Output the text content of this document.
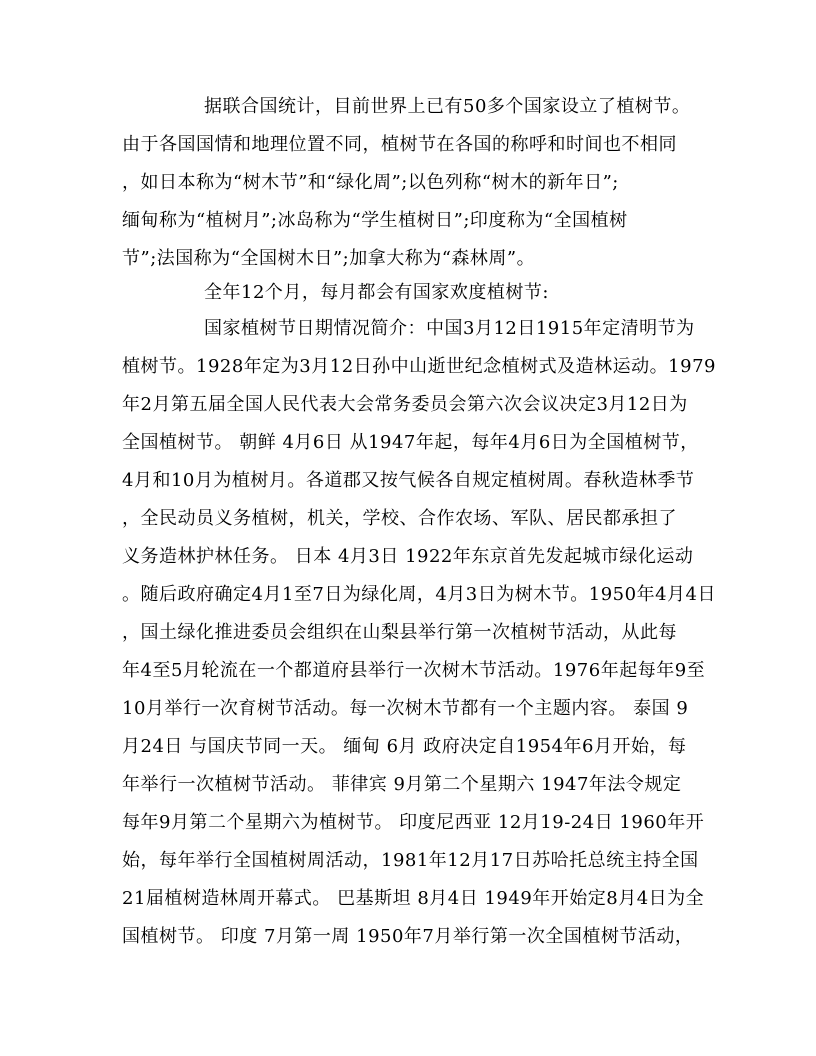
据联合国统计，目前世界上已有50多个国家设立了植树节。
由于各国国情和地理位置不同，植树节在各国的称呼和时间也不相同
，如日本称为“树木节”和“绿化周”;以色列称“树木的新年日”;
缅甸称为“植树月”;冰岛称为“学生植树日”;印度称为“全国植树
节”;法国称为“全国树木日”;加拿大称为“森林周”。
全年12个月，每月都会有国家欢度植树节:
国家植树节日期情况简介：中国3月12日1915年定清明节为
植树节。1928年定为3月12日孙中山逝世纪念植树式及造林运动。1979
年2月第五届全国人民代表大会常务委员会第六次会议决定3月12日为
全国植树节。 朝鲜 4月6日 从1947年起，每年4月6日为全国植树节，
4月和10月为植树月。各道郡又按气候各自规定植树周。春秋造林季节
，全民动员义务植树，机关，学校、合作农场、军队、居民都承担了
义务造林护林任务。 日本 4月3日 1922年东京首先发起城市绿化运动
。随后政府确定4月1至7日为绿化周，4月3日为树木节。1950年4月4日
，国土绿化推进委员会组织在山梨县举行第一次植树节活动，从此每
年4至5月轮流在一个都道府县举行一次树木节活动。1976年起每年9至
10月举行一次育树节活动。每一次树木节都有一个主题内容。 泰国 9
月24日 与国庆节同一天。 缅甸 6月 政府决定自1954年6月开始，每
年举行一次植树节活动。 菲律宾 9月第二个星期六 1947年法令规定
每年9月第二个星期六为植树节。 印度尼西亚 12月19-24日 1960年开
始，每年举行全国植树周活动，1981年12月17日苏哈托总统主持全国
21届植树造林周开幕式。 巴基斯坦 8月4日 1949年开始定8月4日为全
国植树节。 印度 7月第一周 1950年7月举行第一次全国植树节活动，
